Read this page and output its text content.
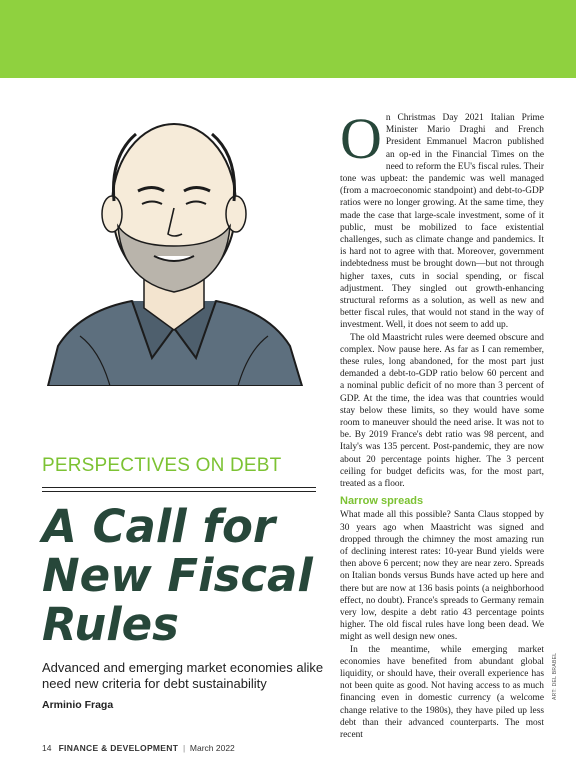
PERSPECTIVES ON DEBT
A Call for
New Fiscal
Rules
Advanced and emerging market economies alike need new criteria for debt sustainability
Arminio Fraga
14 FINANCE & DEVELOPMENT | March 2022
ART: DEL BRABEL

On Christmas Day 2021 Italian Prime Minister Mario Draghi and French President Emmanuel Macron published an op-ed in the Financial Times on the need to reform the EU's fiscal rules. Their tone was upbeat: the pandemic was well managed (from a macroeconomic standpoint) and debt-to-GDP ratios were no longer growing. At the same time, they made the case that large-scale investment, some of it public, must be mobilized to face existential challenges, such as climate change and pandemics. It is hard not to agree with that. Moreover, government indebtedness must be brought down—but not through higher taxes, cuts in social spending, or fiscal adjustment. They singled out growth-enhancing structural reforms as a solution, as well as new and better fiscal rules, that would not stand in the way of investment. Well, it does not seem to add up.

The old Maastricht rules were deemed obscure and complex. Now pause here. As far as I can remember, these rules, long abandoned, for the most part just demanded a debt-to-GDP ratio below 60 percent and a nominal public deficit of no more than 3 percent of GDP. At the time, the idea was that countries would stay below these limits, so they would have some room to maneuver should the need arise. It was not to be. By 2019 France's debt ratio was 98 percent, and Italy's was 135 percent. Post-pandemic, they are now about 20 percentage points higher. The 3 percent ceiling for budget deficits was, for the most part, treated as a floor.

Narrow spreads

What made all this possible? Santa Claus stopped by 30 years ago when Maastricht was signed and dropped through the chimney the most amazing run of declining interest rates: 10-year Bund yields were then above 6 percent; now they are near zero. Spreads on Italian bonds versus Bunds have acted up here and there but are now at 136 basis points (a neighborhood effect, no doubt). France's spreads to Germany remain very low, despite a debt ratio 43 percentage points higher. The old fiscal rules have long been dead. We might as well design new ones.

In the meantime, while emerging market economies have benefited from abundant global liquidity, or should have, their overall experience has not been quite as good. Not having access to as much financing even in domestic currency (a welcome change relative to the 1980s), they have piled up less debt than their advanced counterparts. The most recent
